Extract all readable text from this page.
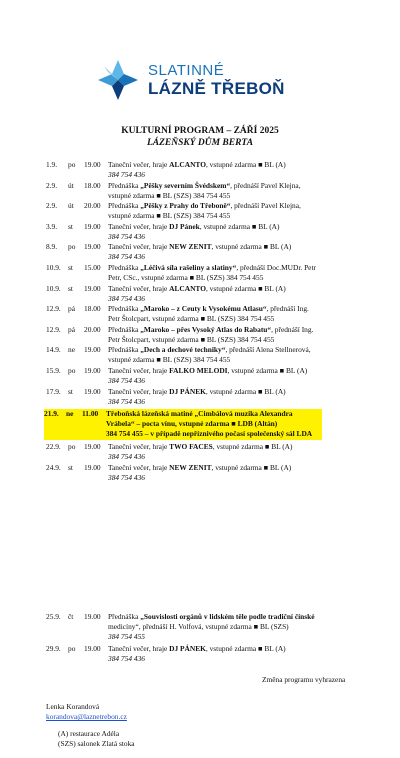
SLATINNÉ
LÁZNĚ TŘEBOŇ
KULTURNÍ PROGRAM – ZÁŘÍ 2025
LÁZEŇSKÝ DŮM BERTA
1.9.	po	19.00 Taneční večer, hraje ALCANTO, vstupné zdarma ■ BL (A)
384 754 436
2.9.	út	18.00 Přednáška „Pěšky severním Švédskem“, přednáší Pavel Klejna,
vstupné zdarma ■ BL (SZS) 384 754 455
2.9.	út	20.00 Přednáška „Pěšky z Prahy do Třeboně“, přednáší Pavel Klejna,
vstupné zdarma ■ BL (SZS) 384 754 455
3.9.	st	19.00 Taneční večer, hraje DJ Pánek, vstupné zdarma ■ BL (A)
384 754 436
8.9.	po	19.00 Taneční večer, hraje NEW ZENIT, vstupné zdarma ■ BL (A)
384 754 436
10.9. st	15.00 Přednáška „Léčivá síla rašeliny a slatiny“, přednáší Doc.MUDr. Petr
Petr, CSc., vstupné zdarma ■ BL (SZS) 384 754 455
10.9. st	19.00 Taneční večer, hraje ALCANTO, vstupné zdarma ■ BL (A)
384 754 436
12.9. pá	18.00 Přednáška „Maroko – z Ceuty k Vysokému Atlasu“, přednáší Ing.
Petr Štolcpart, vstupné zdarma ■ BL (SZS) 384 754 455
12.9. pá	20.00 Přednáška „Maroko – přes Vysoký Atlas do Rabatu“, přednáší Ing.
Petr Štolcpart, vstupné zdarma ■ BL (SZS) 384 754 455
14.9. ne	19.00 Přednáška „Dech a dechové techniky“, přednáší Alena Stellnerová,
vstupné zdarma ■ BL (SZS) 384 754 455
15.9. po	19.00 Taneční večer, hraje FALKO MELODI, vstupné zdarma ■ BL (A)
384 754 436
17.9. st	19.00 Taneční večer, hraje DJ PÁNEK, vstupné zdarma ■ BL (A)
384 754 436
21.9. ne	11.00	Třeboňská lázeňská matiné „Cimbálová muzika Alexandra
Vrábela“ – pocta vínu, vstupné zdarma ■ LDB (Altán)
384 754 455 – v případě nepříznivého počasí společenský sál LDA
22.9. po	19.00 Taneční večer, hraje TWO FACES, vstupné zdarma ■ BL (A)
384 754 436
24.9. st	19.00 Taneční večer, hraje NEW ZENIT, vstupné zdarma ■ BL (A)
384 754 436
25.9. čt	19.00 Přednáška „Souvislosti orgánů v lidském těle podle tradiční čínské
medicíny“, přednáší H. Volfová, vstupné zdarma ■ BL (SZS)
384 754 455
29.9. po	19.00 Taneční večer, hraje DJ PÁNEK, vstupné zdarma ■ BL (A)
384 754 436
Změna programu vyhrazena
Lenka Korandová
korandova@laznetrebon.cz
(A) restaurace Adéla
(SZS) salonek Zlatá stoka
